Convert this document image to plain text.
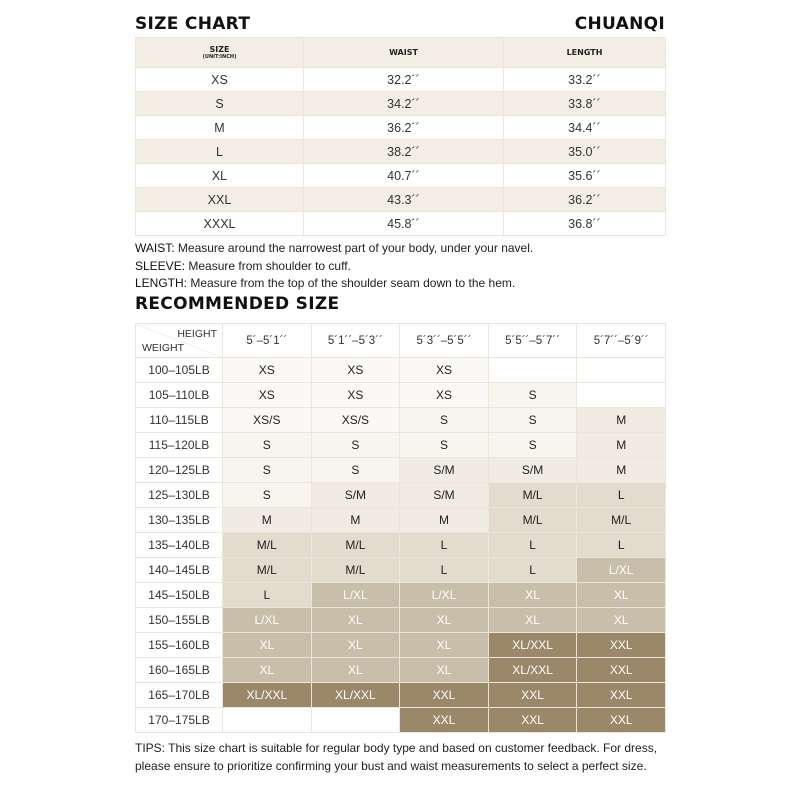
SIZE CHART	CHUANQI
SIZE
(UNIT:INCH)	WAIST	LENGTH
XS	32.2´´	33.2´´
S	34.2´´	33.8´´
M	36.2´´	34.4´´
L	38.2´´	35.0´´
XL	40.7´´	35.6´´
XXL	43.3´´	36.2´´
XXXL	45.8´´	36.8´´
WAIST: Measure around the narrowest part of your body, under your navel.
SLEEVE: Measure from shoulder to cuff.
LENGTH: Measure from the top of the shoulder seam down to the hem.
RECOMMENDED SIZE
HEIGHT
WEIGHT	5´–5´1´´	5´1´´–5´3´´	5´3´´–5´5´´	5´5´´–5´7´´	5´7´´–5´9´´
100–105LB	XS	XS	XS		
105–110LB	XS	XS	XS	S	
110–115LB	XS/S	XS/S	S	S	M
115–120LB	S	S	S	S	M
120–125LB	S	S	S/M	S/M	M
125–130LB	S	S/M	S/M	M/L	L
130–135LB	M	M	M	M/L	M/L
135–140LB	M/L	M/L	L	L	L
140–145LB	M/L	M/L	L	L	L/XL
145–150LB	L	L/XL	L/XL	XL	XL
150–155LB	L/XL	XL	XL	XL	XL
155–160LB	XL	XL	XL	XL/XXL	XXL
160–165LB	XL	XL	XL	XL/XXL	XXL
165–170LB	XL/XXL	XL/XXL	XXL	XXL	XXL
170–175LB			XXL	XXL	XXL
TIPS: This size chart is suitable for regular body type and based on customer feedback. For dress, please ensure to prioritize confirming your bust and waist measurements to select a perfect size.
